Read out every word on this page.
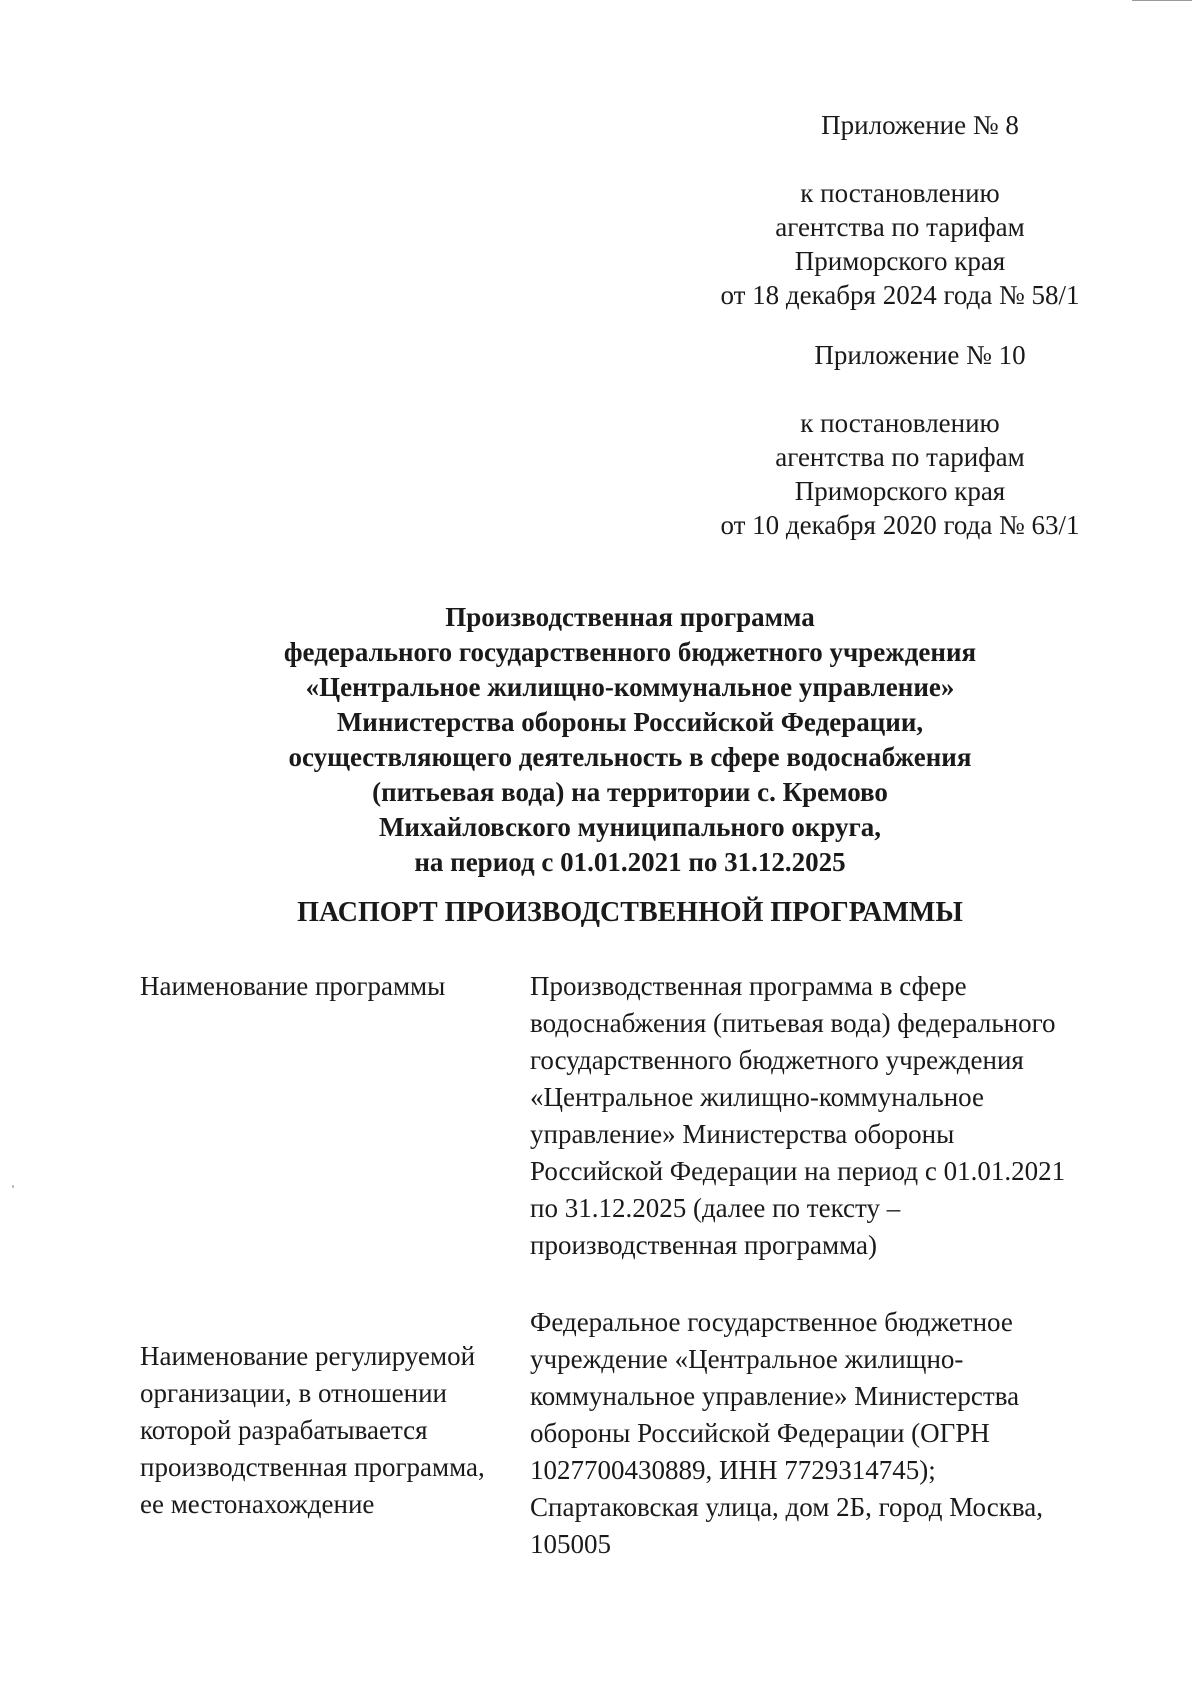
Приложение № 8
к постановлению
агентства по тарифам
Приморского края
от 18 декабря 2024 года № 58/1
Приложение № 10
к постановлению
агентства по тарифам
Приморского края
от 10 декабря 2020 года № 63/1
Производственная программа
федерального государственного бюджетного учреждения
«Центральное жилищно-коммунальное управление»
Министерства обороны Российской Федерации,
осуществляющего деятельность в сфере водоснабжения
(питьевая вода) на территории с. Кремово
Михайловского муниципального округа,
на период с 01.01.2021 по 31.12.2025
ПАСПОРТ ПРОИЗВОДСТВЕННОЙ ПРОГРАММЫ
Наименование программы	Производственная программа в сфере
водоснабжения (питьевая вода) федерального
государственного бюджетного учреждения
«Центральное жилищно-коммунальное
управление» Министерства обороны
Российской Федерации на период с 01.01.2021
по 31.12.2025 (далее по тексту –
производственная программа)
Наименование регулируемой
организации, в отношении
которой разрабатывается
производственная программа,
ее местонахождение
Федеральное государственное бюджетное
учреждение «Центральное жилищно-
коммунальное управление» Министерства
обороны Российской Федерации (ОГРН
1027700430889, ИНН 7729314745);
Спартаковская улица, дом 2Б, город Москва,
105005
